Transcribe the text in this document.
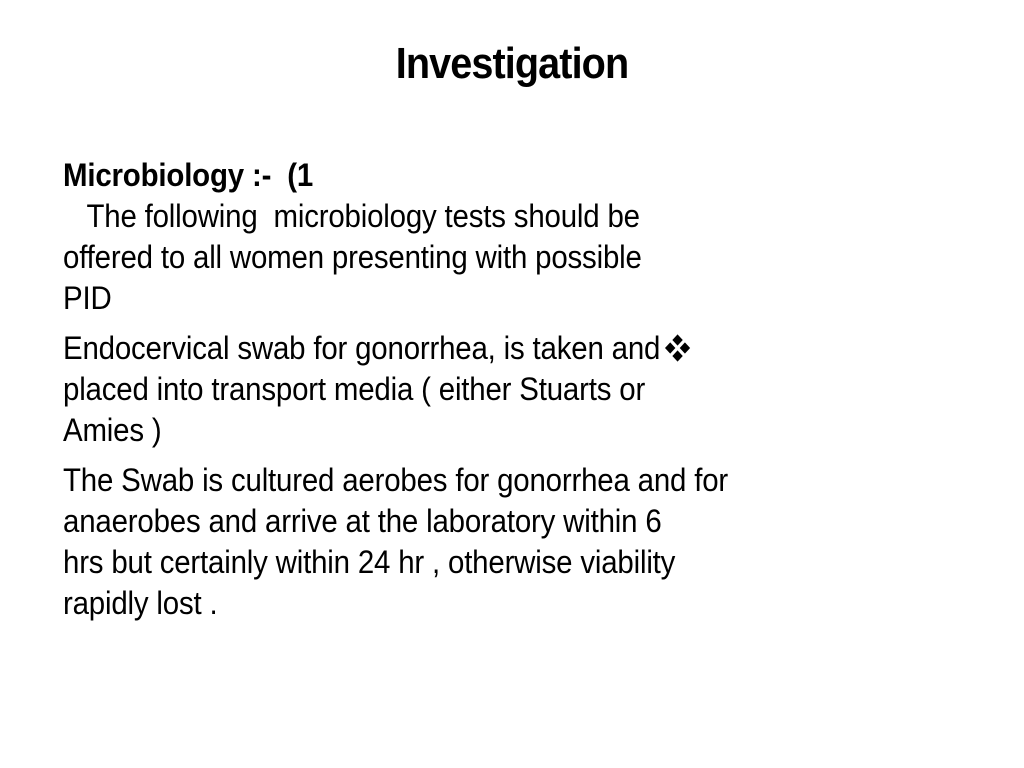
Investigation
Microbiology :-  (1
The following  microbiology tests should be
offered to all women presenting with possible
PID
Endocervical swab for gonorrhea, is taken and
placed into transport media ( either Stuarts or
Amies )
The Swab is cultured aerobes for gonorrhea and for
anaerobes and arrive at the laboratory within 6
hrs but certainly within 24 hr , otherwise viability
rapidly lost .
